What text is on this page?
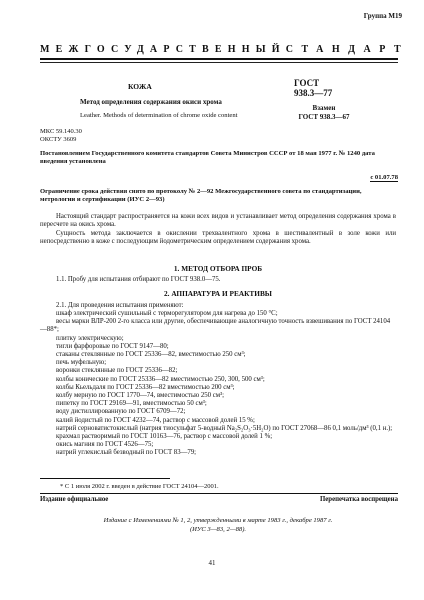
Группа М19
МЕЖГОСУДАРСТВЕННЫЙ СТАНДАРТ
КОЖА
Метод определения содержания окиси хрома
Leather. Methods of determination of chrome oxide content
ГОСТ
938.3—77
Взамен
ГОСТ 938.3—67
МКС 59.140.30
ОКСТУ 3609
Постановлением Государственного комитета стандартов Совета Министров СССР от 18 мая 1977 г. № 1240 дата введения установлена
с 01.07.78
Ограничение срока действия снято по протоколу № 2—92 Межгосударственного совета по стандартизации, метрологии и сертификации (ИУС 2—93)
Настоящий стандарт распространяется на кожи всех видов и устанавливает метод определения содержания хрома в пересчете на окись хрома.
Сущность метода заключается в окислении трехвалентного хрома в шестивалентный в золе кожи или непосредственно в коже с последующим йодометрическим определением содержания хрома.
1. МЕТОД ОТБОРА ПРОБ
1.1. Пробу для испытания отбирают по ГОСТ 938.0—75.
2. АППАРАТУРА И РЕАКТИВЫ
2.1. Для проведения испытания применяют:
шкаф электрический сушильный с терморегулятором для нагрева до 150 °С;
весы марки ВЛР-200 2-го класса или другие, обеспечивающие аналогичную точность взвешивания по ГОСТ 24104—88*;
плитку электрическую;
тигли фарфоровые по ГОСТ 9147—80;
стаканы стеклянные по ГОСТ 25336—82, вместимостью 250 см³;
печь муфельную;
воронки стеклянные по ГОСТ 25336—82;
колбы конические по ГОСТ 25336—82 вместимостью 250, 300, 500 см³;
колбы Кьельдаля по ГОСТ 25336—82 вместимостью 200 см³;
колбу мерную по ГОСТ 1770—74, вместимостью 250 см³;
пипетку по ГОСТ 29169—91, вместимостью 50 см³;
воду дистиллированную по ГОСТ 6709—72;
калий йодистый по ГОСТ 4232—74, раствор с массовой долей 15 %;
натрий серноватистокислый (натрия тиосульфат 5-водный Na₂S₂O₃·5H₂O) по ГОСТ 27068—86 0,1 моль/дм³ (0,1 н.);
крахмал растворимый по ГОСТ 10163—76, раствор с массовой долей 1 %;
окись магния по ГОСТ 4526—75;
натрий углекислый безводный по ГОСТ 83—79;
* С 1 июля 2002 г. введен в действие ГОСТ 24104—2001.
Издание официальное	Перепечатка воспрещена
Издание с Изменениями № 1, 2, утвержденными в марте 1983 г., декабре 1987 г.
(ИУС 3—83, 2—88).
41
